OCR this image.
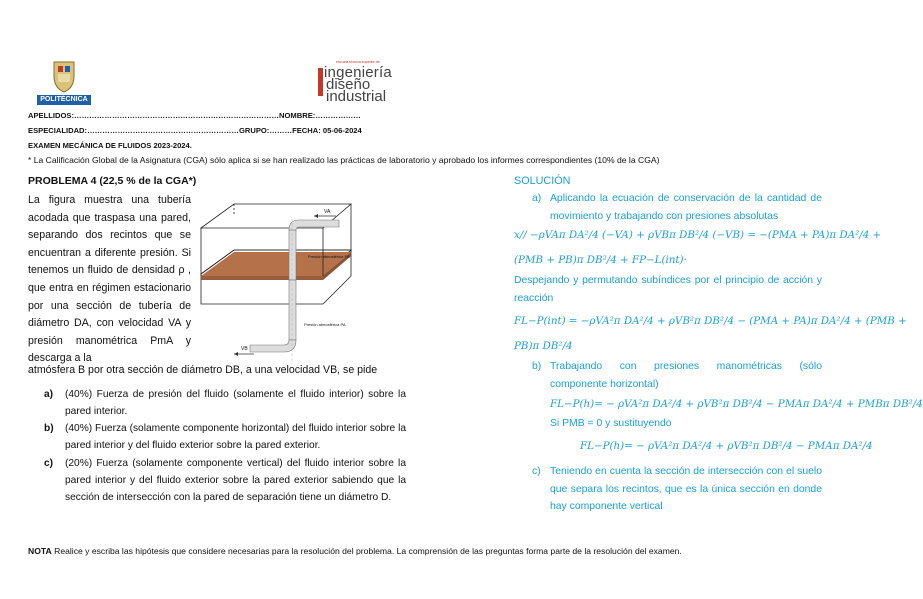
POLITÉCNICA
escuela técnica superior de
ingeniería
diseño
industrial
APELLIDOS:………………………………………………………………………NOMBRE:………………
ESPECIALIDAD:……………………………………………………GRUPO:………FECHA: 05-06-2024
EXAMEN MECÁNICA DE FLUIDOS 2023-2024.
* La Calificación Global de la Asignatura (CGA) sólo aplica si se han realizado las prácticas de laboratorio y aprobado los informes correspondientes (10% de la CGA)
PROBLEMA 4 (22,5 % de la CGA*)
La figura muestra una tubería acodada que traspasa una pared, separando dos recintos que se encuentran a diferente presión. Si tenemos un fluido de densidad ρ , que entra en régimen estacionario por una sección de tubería de diámetro DA, con velocidad VA y presión manométrica PmA y descarga a la
VA
Presión atmosférica PB
Presión atmosférica PA
VB
atmósfera B por otra sección de diámetro DB, a una velocidad VB, se pide
a) (40%) Fuerza de presión del fluido (solamente el fluido interior) sobre la pared interior.
b) (40%) Fuerza (solamente componente horizontal) del fluido interior sobre la pared interior y del fluido exterior sobre la pared exterior.
c) (20%) Fuerza (solamente componente vertical) del fluido interior sobre la pared interior y del fluido exterior sobre la pared exterior sabiendo que la sección de intersección con la pared de separación tiene un diámetro D.
SOLUCIÓN
a) Aplicando la ecuación de conservación de la cantidad de movimiento y trabajando con presiones absolutas
x// −ρVAπ DA²/4 (−VA) + ρVBπ DB²/4 (−VB) = −(PMA + PA)π DA²/4 +
(PMB + PB)π DB²/4 + FP−L(int)·
Despejando y permutando subíndices por el principio de acción y reacción
FL−P(int) = −ρVA²π DA²/4 + ρVB²π DB²/4 − (PMA + PA)π DA²/4 + (PMB +
PB)π DB²/4
b) Trabajando con presiones manométricas (sólo componente horizontal)
FL−P(h)= − ρVA²π DA²/4 + ρVB²π DB²/4 − PMAπ DA²/4 + PMBπ DB²/4
Si PMB = 0 y sustituyendo
FL−P(h)= − ρVA²π DA²/4 + ρVB²π DB²/4 − PMAπ DA²/4
c) Teniendo en cuenta la sección de intersección con el suelo que separa los recintos, que es la única sección en donde hay componente vertical
NOTA Realice y escriba las hipótesis que considere necesarias para la resolución del problema. La comprensión de las preguntas forma parte de la resolución del examen.
